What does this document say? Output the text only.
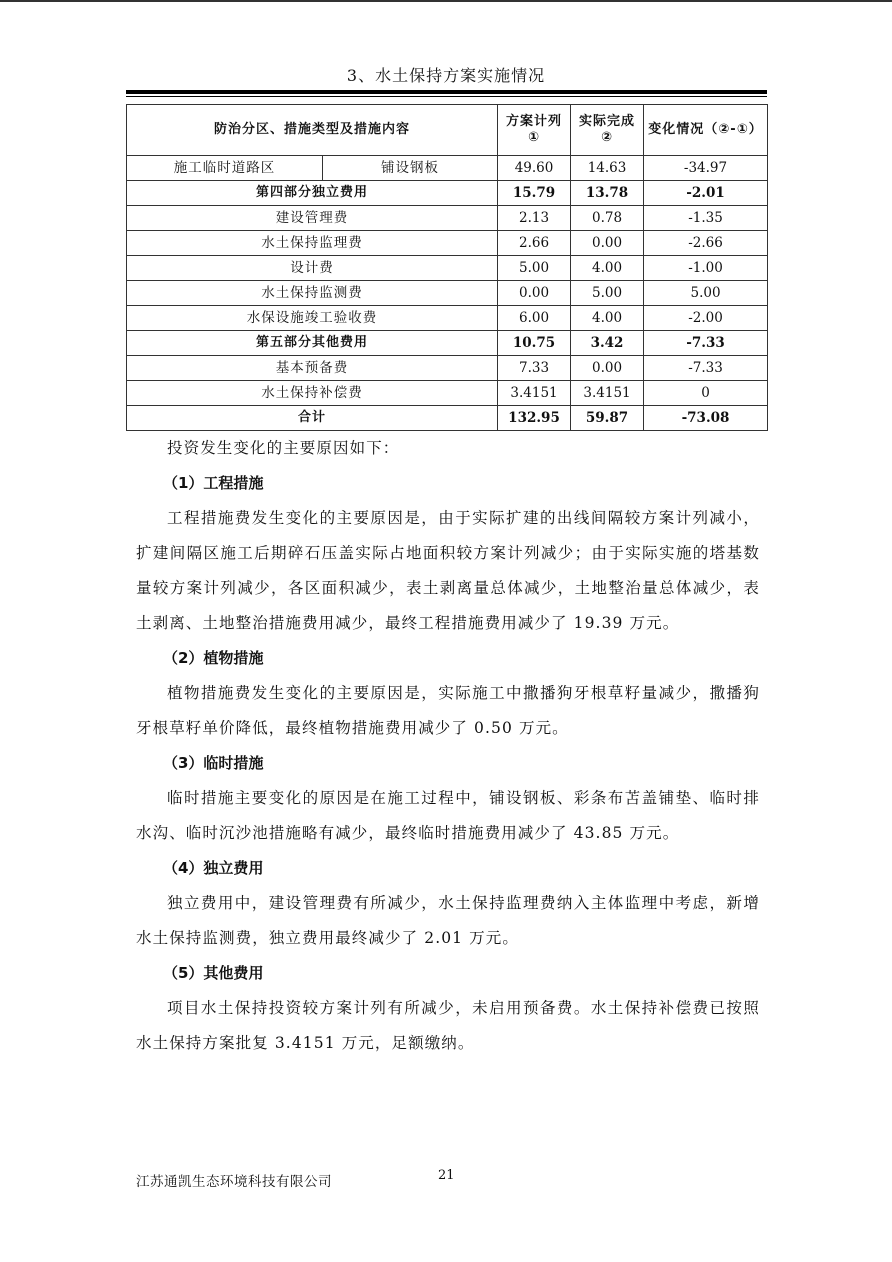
3、水土保持方案实施情况
防治分区、措施类型及措施内容		方案计列①	实际完成②	变化情况（②-①）
施工临时道路区	铺设钢板	49.60	14.63	-34.97
第四部分独立费用		15.79	13.78	-2.01
建设管理费		2.13	0.78	-1.35
水土保持监理费		2.66	0.00	-2.66
设计费		5.00	4.00	-1.00
水土保持监测费		0.00	5.00	5.00
水保设施竣工验收费		6.00	4.00	-2.00
第五部分其他费用		10.75	3.42	-7.33
基本预备费		7.33	0.00	-7.33
水土保持补偿费		3.4151	3.4151	0
合计		132.95	59.87	-73.08

投资发生变化的主要原因如下：

（1）工程措施

工程措施费发生变化的主要原因是，由于实际扩建的出线间隔较方案计列减小，扩建间隔区施工后期碎石压盖实际占地面积较方案计列减少；由于实际实施的塔基数量较方案计列减少，各区面积减少，表土剥离量总体减少，土地整治量总体减少，表土剥离、土地整治措施费用减少，最终工程措施费用减少了 19.39 万元。

（2）植物措施

植物措施费发生变化的主要原因是，实际施工中撒播狗牙根草籽量减少，撒播狗牙根草籽单价降低，最终植物措施费用减少了 0.50 万元。

（3）临时措施

临时措施主要变化的原因是在施工过程中，铺设钢板、彩条布苫盖铺垫、临时排水沟、临时沉沙池措施略有减少，最终临时措施费用减少了 43.85 万元。

（4）独立费用

独立费用中，建设管理费有所减少，水土保持监理费纳入主体监理中考虑，新增水土保持监测费，独立费用最终减少了 2.01 万元。

（5）其他费用

项目水土保持投资较方案计列有所减少，未启用预备费。水土保持补偿费已按照水土保持方案批复 3.4151 万元，足额缴纳。

江苏通凯生态环境科技有限公司	21
